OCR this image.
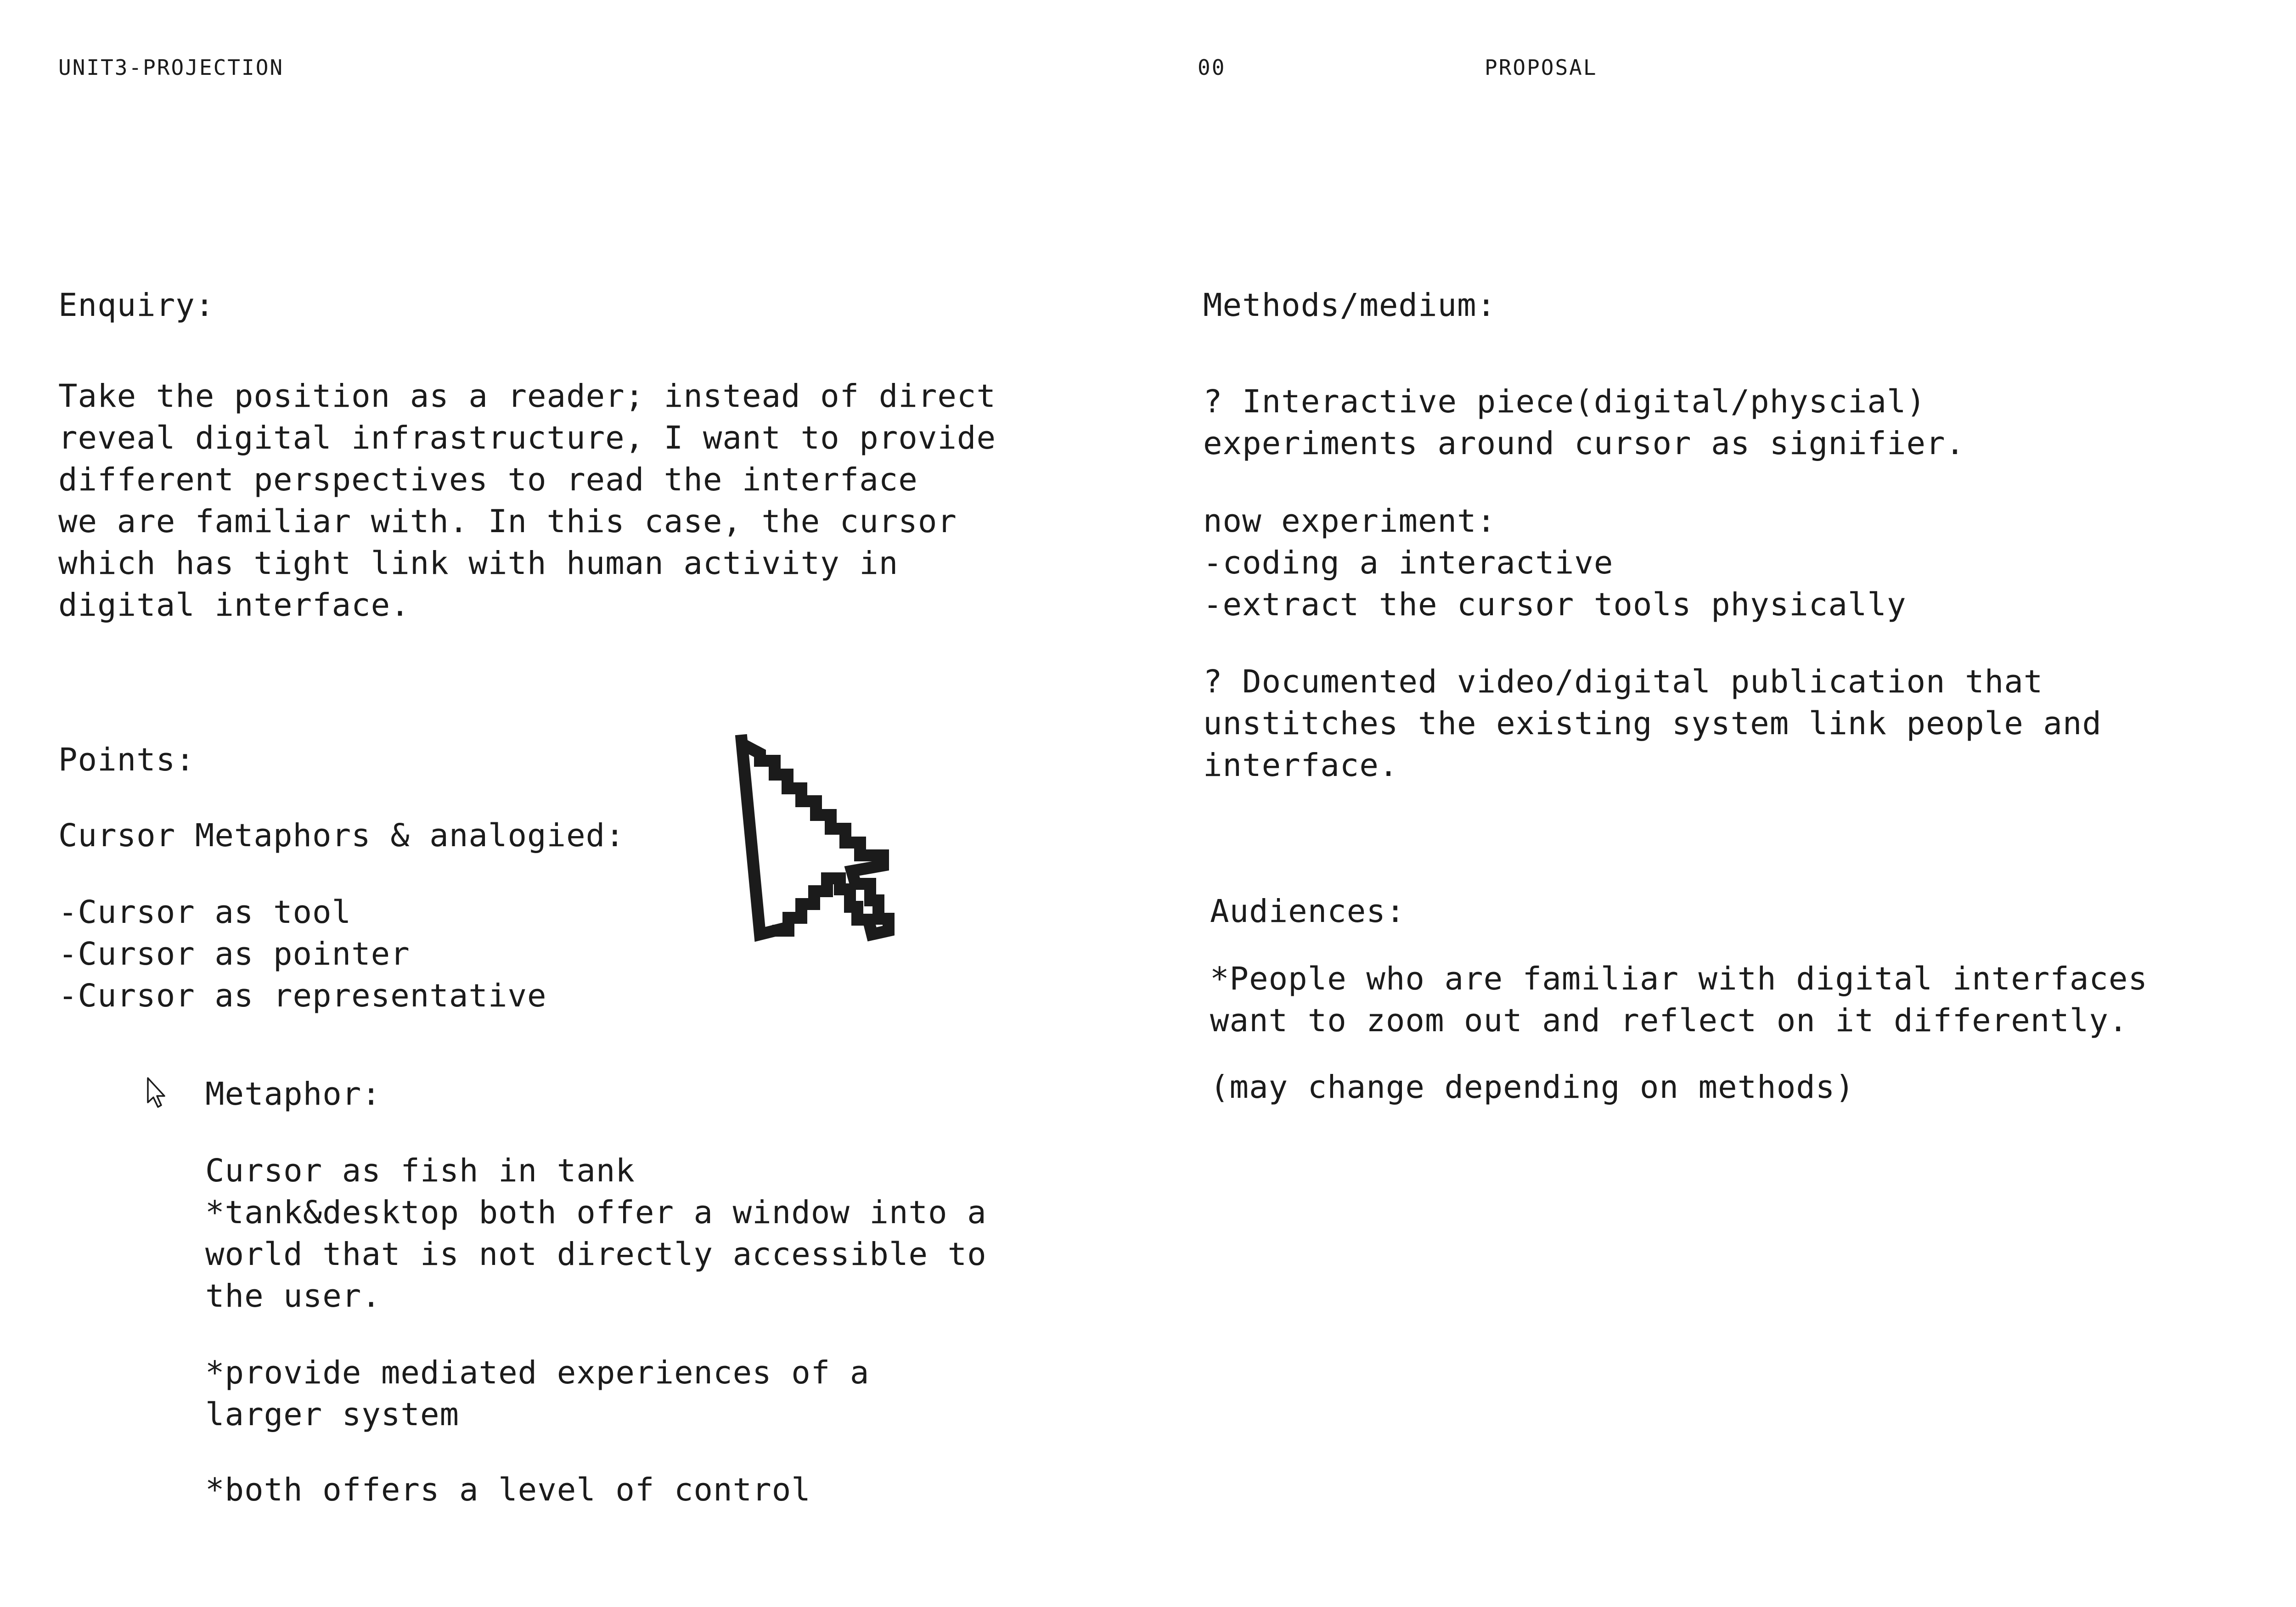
UNIT3-PROJECTION	00	PROPOSAL
Enquiry:
Take the position as a reader; instead of direct
reveal digital infrastructure, I want to provide
different perspectives to read the interface
we are familiar with. In this case, the cursor
which has tight link with human activity in
digital interface.
Points:
Cursor Metaphors & analogied:
-Cursor as tool
-Cursor as pointer
-Cursor as representative
Metaphor:
Cursor as fish in tank
*tank&desktop both offer a window into a
world that is not directly accessible to
the user.
*provide mediated experiences of a
larger system
*both offers a level of control
Methods/medium:
? Interactive piece(digital/physcial)
experiments around cursor as signifier.
now experiment:
-coding a interactive
-extract the cursor tools physically
? Documented video/digital publication that
unstitches the existing system link people and
interface.
Audiences:
*People who are familiar with digital interfaces
want to zoom out and reflect on it differently.
(may change depending on methods)
